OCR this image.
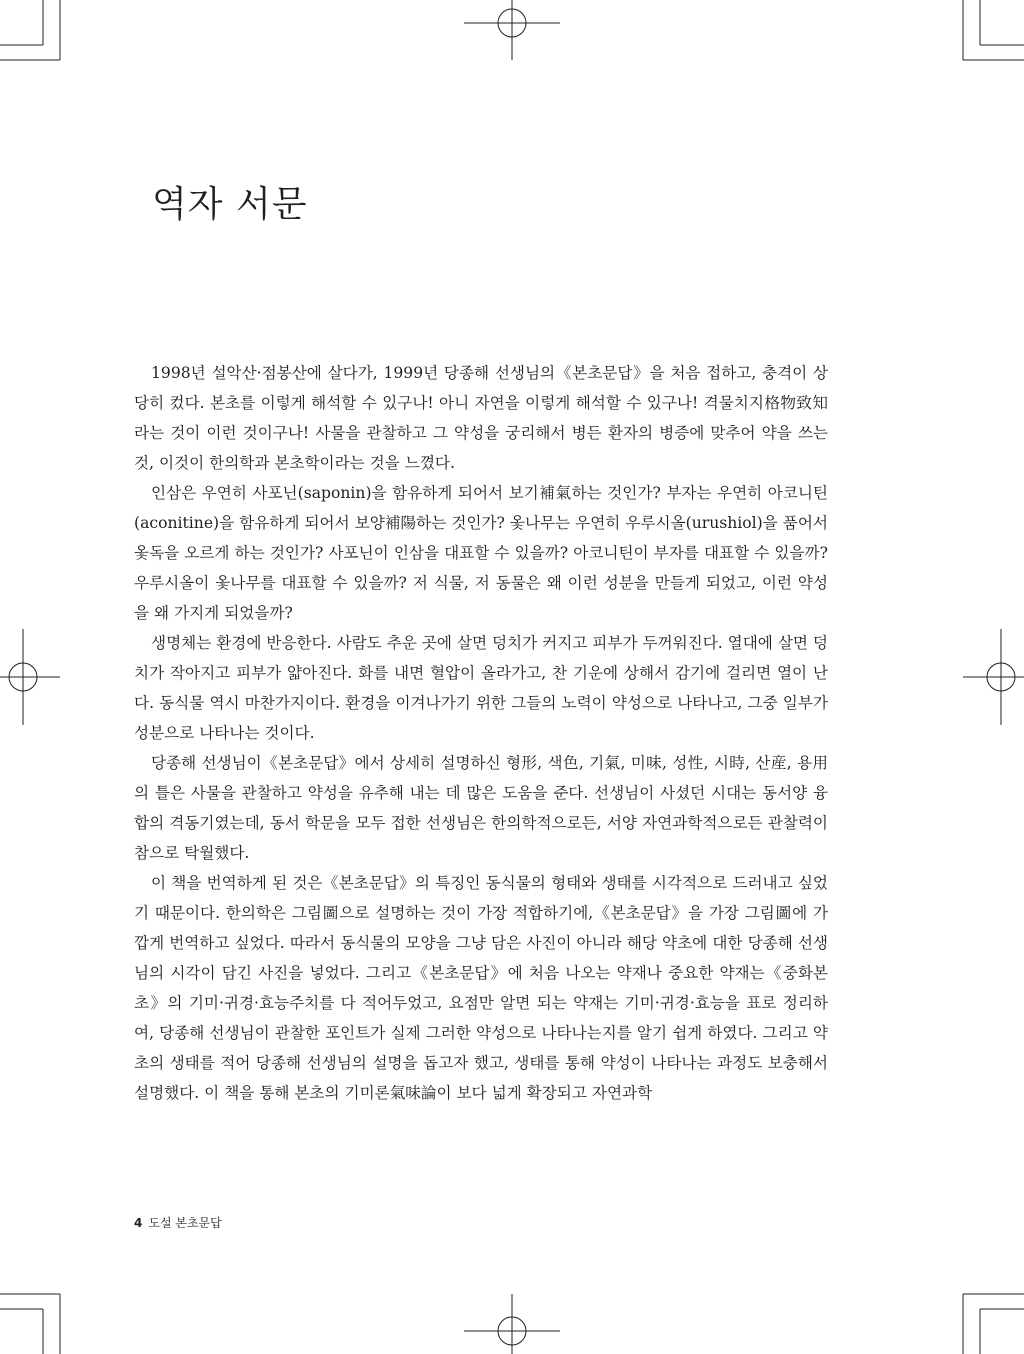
역자 서문

1998년 설악산·점봉산에 살다가, 1999년 당종해 선생님의《본초문답》을 처음 접하고, 충격이 상당히 컸다. 본초를 이렇게 해석할 수 있구나! 아니 자연을 이렇게 해석할 수 있구나! 격물치지格物致知라는 것이 이런 것이구나! 사물을 관찰하고 그 약성을 궁리해서 병든 환자의 병증에 맞추어 약을 쓰는 것, 이것이 한의학과 본초학이라는 것을 느꼈다.

인삼은 우연히 사포닌(saponin)을 함유하게 되어서 보기補氣하는 것인가? 부자는 우연히 아코니틴(aconitine)을 함유하게 되어서 보양補陽하는 것인가? 옻나무는 우연히 우루시올(urushiol)을 품어서 옻독을 오르게 하는 것인가? 사포닌이 인삼을 대표할 수 있을까? 아코니틴이 부자를 대표할 수 있을까? 우루시올이 옻나무를 대표할 수 있을까? 저 식물, 저 동물은 왜 이런 성분을 만들게 되었고, 이런 약성을 왜 가지게 되었을까?

생명체는 환경에 반응한다. 사람도 추운 곳에 살면 덩치가 커지고 피부가 두꺼워진다. 열대에 살면 덩치가 작아지고 피부가 얇아진다. 화를 내면 혈압이 올라가고, 찬 기운에 상해서 감기에 걸리면 열이 난다. 동식물 역시 마찬가지이다. 환경을 이겨나가기 위한 그들의 노력이 약성으로 나타나고, 그중 일부가 성분으로 나타나는 것이다.

당종해 선생님이《본초문답》에서 상세히 설명하신 형形, 색色, 기氣, 미味, 성性, 시時, 산産, 용用의 틀은 사물을 관찰하고 약성을 유추해 내는 데 많은 도움을 준다. 선생님이 사셨던 시대는 동서양 융합의 격동기였는데, 동서 학문을 모두 접한 선생님은 한의학적으로든, 서양 자연과학적으로든 관찰력이 참으로 탁월했다.

이 책을 번역하게 된 것은《본초문답》의 특징인 동식물의 형태와 생태를 시각적으로 드러내고 싶었기 때문이다. 한의학은 그림圖으로 설명하는 것이 가장 적합하기에,《본초문답》을 가장 그림圖에 가깝게 번역하고 싶었다. 따라서 동식물의 모양을 그냥 담은 사진이 아니라 해당 약초에 대한 당종해 선생님의 시각이 담긴 사진을 넣었다. 그리고《본초문답》에 처음 나오는 약재나 중요한 약재는《중화본초》의 기미·귀경·효능주치를 다 적어두었고, 요점만 알면 되는 약재는 기미·귀경·효능을 표로 정리하여, 당종해 선생님이 관찰한 포인트가 실제 그러한 약성으로 나타나는지를 알기 쉽게 하였다. 그리고 약초의 생태를 적어 당종해 선생님의 설명을 돕고자 했고, 생태를 통해 약성이 나타나는 과정도 보충해서 설명했다. 이 책을 통해 본초의 기미론氣味論이 보다 넓게 확장되고 자연과학

4 도설 본초문답
